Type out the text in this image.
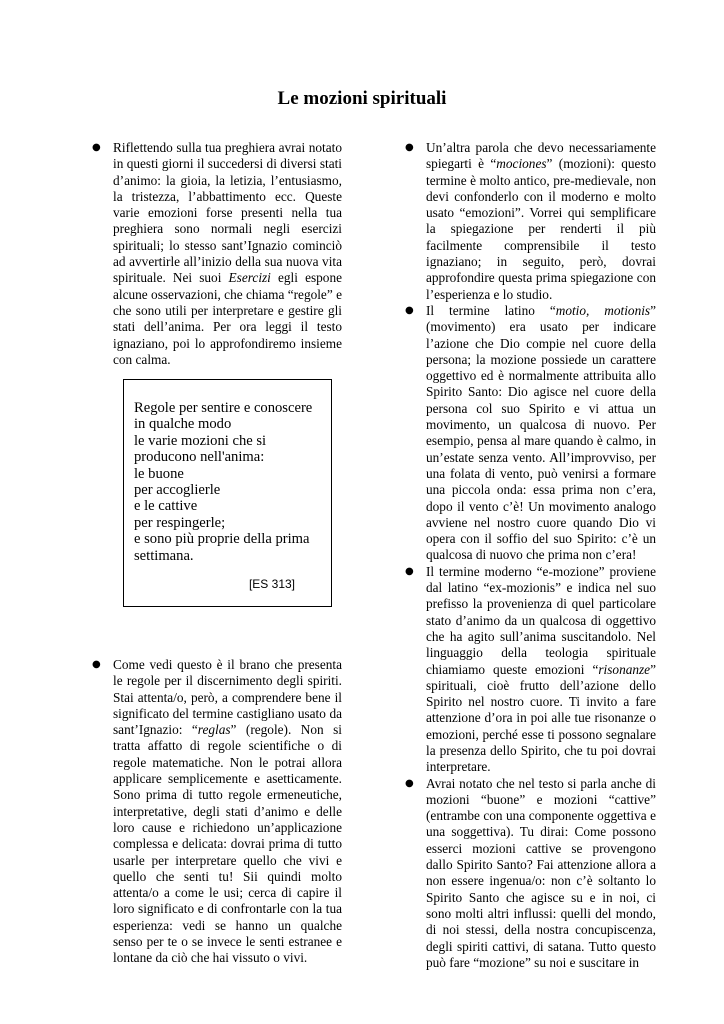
Le mozioni spirituali
● Riflettendo sulla tua preghiera avrai notato in questi giorni il succedersi di diversi stati d’animo: la gioia, la letizia, l’entusiasmo, la tristezza, l’abbattimento ecc. Queste varie emozioni forse presenti nella tua preghiera sono normali negli esercizi spirituali; lo stesso sant’Ignazio cominciò ad avvertirle all’inizio della sua nuova vita spirituale. Nei suoi Esercizi egli espone alcune osservazioni, che chiama “regole” e che sono utili per interpretare e gestire gli stati dell’anima. Per ora leggi il testo ignaziano, poi lo approfondiremo insieme con calma.
Regole per sentire e conoscere
in qualche modo
le varie mozioni che si
producono nell'anima:
le buone
per accoglierle
e le cattive
per respingerle;
e sono più proprie della prima
settimana.
[ES 313]
● Come vedi questo è il brano che presenta le regole per il discernimento degli spiriti. Stai attenta/o, però, a comprendere bene il significato del termine castigliano usato da sant’Ignazio: “reglas” (regole). Non si tratta affatto di regole scientifiche o di regole matematiche. Non le potrai allora applicare semplicemente e asetticamente. Sono prima di tutto regole ermeneutiche, interpretative, degli stati d’animo e delle loro cause e richiedono un’applicazione complessa e delicata: dovrai prima di tutto usarle per interpretare quello che vivi e quello che senti tu! Sii quindi molto attenta/o a come le usi; cerca di capire il loro significato e di confrontarle con la tua esperienza: vedi se hanno un qualche senso per te o se invece le senti estranee e lontane da ciò che hai vissuto o vivi.
● Un’altra parola che devo necessariamente spiegarti è “mociones” (mozioni): questo termine è molto antico, pre-medievale, non devi confonderlo con il moderno e molto usato “emozioni”. Vorrei qui semplificare la spiegazione per renderti il più facilmente comprensibile il testo ignaziano; in seguito, però, dovrai approfondire questa prima spiegazione con l’esperienza e lo studio.
● Il termine latino “motio, motionis” (movimento) era usato per indicare l’azione che Dio compie nel cuore della persona; la mozione possiede un carattere oggettivo ed è normalmente attribuita allo Spirito Santo: Dio agisce nel cuore della persona col suo Spirito e vi attua un movimento, un qualcosa di nuovo. Per esempio, pensa al mare quando è calmo, in un’estate senza vento. All’improvviso, per una folata di vento, può venirsi a formare una piccola onda: essa prima non c’era, dopo il vento c’è! Un movimento analogo avviene nel nostro cuore quando Dio vi opera con il soffio del suo Spirito: c’è un qualcosa di nuovo che prima non c’era!
● Il termine moderno “e-mozione” proviene dal latino “ex-mozionis” e indica nel suo prefisso la provenienza di quel particolare stato d’animo da un qualcosa di oggettivo che ha agito sull’anima suscitandolo. Nel linguaggio della teologia spirituale chiamiamo queste emozioni “risonanze” spirituali, cioè frutto dell’azione dello Spirito nel nostro cuore. Ti invito a fare attenzione d’ora in poi alle tue risonanze o emozioni, perché esse ti possono segnalare la presenza dello Spirito, che tu poi dovrai interpretare.
● Avrai notato che nel testo si parla anche di mozioni “buone” e mozioni “cattive” (entrambe con una componente oggettiva e una soggettiva). Tu dirai: Come possono esserci mozioni cattive se provengono dallo Spirito Santo? Fai attenzione allora a non essere ingenua/o: non c’è soltanto lo Spirito Santo che agisce su e in noi, ci sono molti altri influssi: quelli del mondo, di noi stessi, della nostra concupiscenza, degli spiriti cattivi, di satana. Tutto questo può fare “mozione” su noi e suscitare in
